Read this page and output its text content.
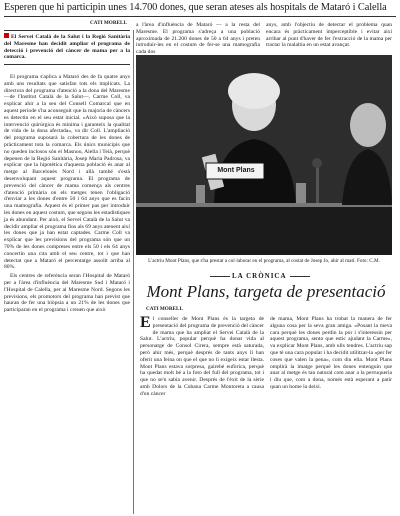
Esperen que hi participin unes 14.700 dones, que seran ateses als hospitals de Mataró i Calella
CATI MORELL
El Servei Català de la Salut i la Regió Sanitària del Maresme han decidit ampliar el programa de detecció i prevenció del càncer de mama per a la comarca.
a l'àrea d'influència de Mataró — a la resta del Maresme. El programa s'adreça a una població aproximada de 21.200 dones de 50 a 64 anys i preten introduir-les en el costum de fer-se una mamografia cada dos
anys, amb l'objectiu de detectar el problema quan encara és pràcticament imperceptible i evitar així arribar al punt d'haver de fer l'extracció de la mama per tractar la malaltia en un estat avançat.

El programa s'aplica a Mataró des de fa quatre anys amb uns resultats que satisfan tots els implicats. La directora del programa d'atenció a la dona del Maresme —de l'Institut Català de la Salut—, Carme Coll, va explicar ahir a la seu del Consell Comarcal que en aquest període s'ha aconseguit que la majoria de càncers es detectin en el seu estat inicial. «Això suposa que la intervenció quirúrgica és mínima i garanteix la qualitat de vida de la dona afectada», va dir Coll. L'ampliació del programa suposarà la cobertura de les dones de pràcticament tota la comarca. Els únics municipis que no queden inclosos són el Masnou, Alella i Teià, perquè depenen de la Regió Sanitària, Josep Maria Padrosa, va explicar que la hipotètica d'aquesta població és anar al metge al Barcelonès Nord i allà també s'està desenvolupant aquest programa. El programa de prevenció del càncer de mama comença als centres d'atenció primària on els metges tenen l'obligació d'enviar a les dones d'entre 50 i 64 anys que es facin una mamografia. Aquest és el primer pas per introduir les dones en aquest costum, que segons les estadístiques ja és abundant. Per això, el Servei Català de la Salut va decidir ampliar el programa fins als 69 anys atenent així les dones que ja han estat captades. Carme Coll va explicar que les previsions del programa són que un 70% de les dones compreses entre els 50 i els 64 anys concertin una cita amb el seu centre, tot i que han detectat que a Mataró el percentatge assolit arriba al 80%.

Els centres de referència seran l'Hospital de Mataró per a l'àrea d'influència del Maresme Sud i Mataró i l'Hospital de Calella, per al Maresme Nord. Segons les previsions, els promotors del programa han previst que hauran de fer una biòpsia a un 21% de les dones que participaran en el programa i creuen que això

Mont Plans
L'actriu Mont Plans, que s'ha prestat a col·laborar en el programa, al costat de Josep Jo, ahir al matí. Foto: C.M.
LA CRÒNICA
Mont Plans, targeta de presentació
CATI MORELL
El conseller de Mont Plans és la targeta de presentació del programa de prevenció del càncer de mama que ha ampliat el Servei Català de la Salut. L'actriu, popular perquè ha donat vida al personatge de Consol Cirera, sempre està saturada, però ahir més, perquè després de tants anys li han oferit una feina on que el que no li exigeix estar llesta. Mont Plans estava sorpresa, gairebé eufòrica, perquè ha quedat molt bé a la foto del full del programa, tot i que no se'n sabia avenir. Després de l'èxit de la sèrie amb Dolors de la Cubana Carme Montoreta a causa d'un càncer
de mama, Mont Plans ha trobat la manera de fer alguna cosa per la seva gran amiga. «Posant la meva cara perquè les dones perdin la por i s'interessin per aquest programa, sento que estic ajudant la Carme», va explicar Mont Plans, amb ulls tendres. L'actriu sap que té una cara popular i ha decidit utilitzar-la «per fer coses que valen la pena», com diu ella. Mont Plans omplirà la imatge perquè les dones entenguin que anar al metge és tan natural com anar a la perruqueria i diu que, com a dona, només està esperant a patir quan un home la deixi.
